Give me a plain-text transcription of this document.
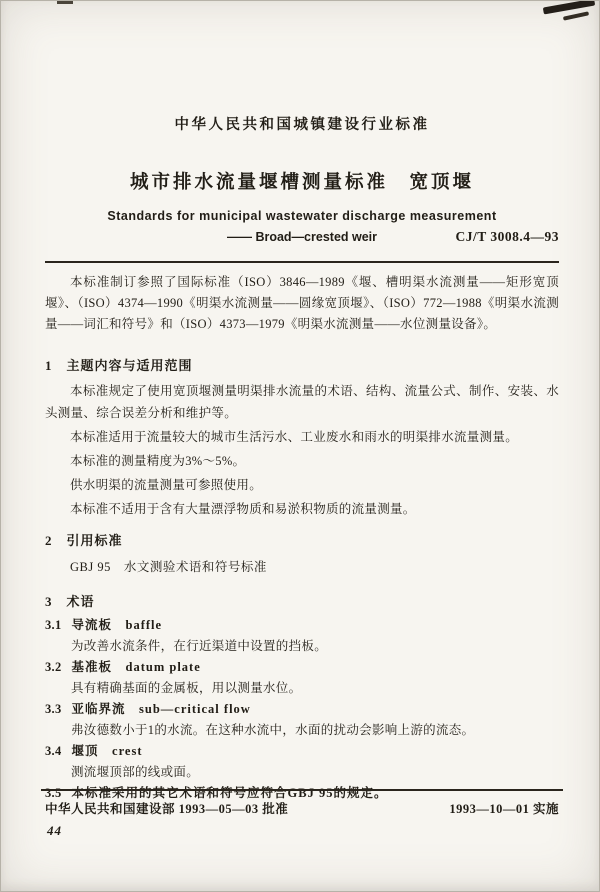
中华人民共和国城镇建设行业标准
城市排水流量堰槽测量标准　宽顶堰
Standards for municipal wastewater discharge measurement
—— Broad—crested weir	CJ/T 3008.4—93

本标准制订参照了国际标准（ISO）3846—1989《堰、槽明渠水流测量——矩形宽顶堰》、（ISO）4374—1990《明渠水流测量——圆缘宽顶堰》、（ISO）772—1988《明渠水流测量——词汇和符号》和（ISO）4373—1979《明渠水流测量——水位测量设备》。

1　主题内容与适用范围

本标准规定了使用宽顶堰测量明渠排水流量的术语、结构、流量公式、制作、安装、水头测量、综合误差分析和维护等。

本标准适用于流量较大的城市生活污水、工业废水和雨水的明渠排水流量测量。

本标准的测量精度为3%～5%。

供水明渠的流量测量可参照使用。

本标准不适用于含有大量漂浮物质和易淤积物质的流量测量。

2　引用标准
GBJ 95　水文测验术语和符号标准
3　术语
3.1 导流板　baffle
为改善水流条件，在行近渠道中设置的挡板。
3.2 基准板　datum plate
具有精确基面的金属板，用以测量水位。
3.3 亚临界流　sub—critical flow
弗汝德数小于1的水流。在这种水流中，水面的扰动会影响上游的流态。
3.4 堰顶　crest
测流堰顶部的线或面。
3.5 本标准采用的其它术语和符号应符合GBJ 95的规定。
中华人民共和国建设部 1993—05—03 批准	1993—10—01 实施
44
